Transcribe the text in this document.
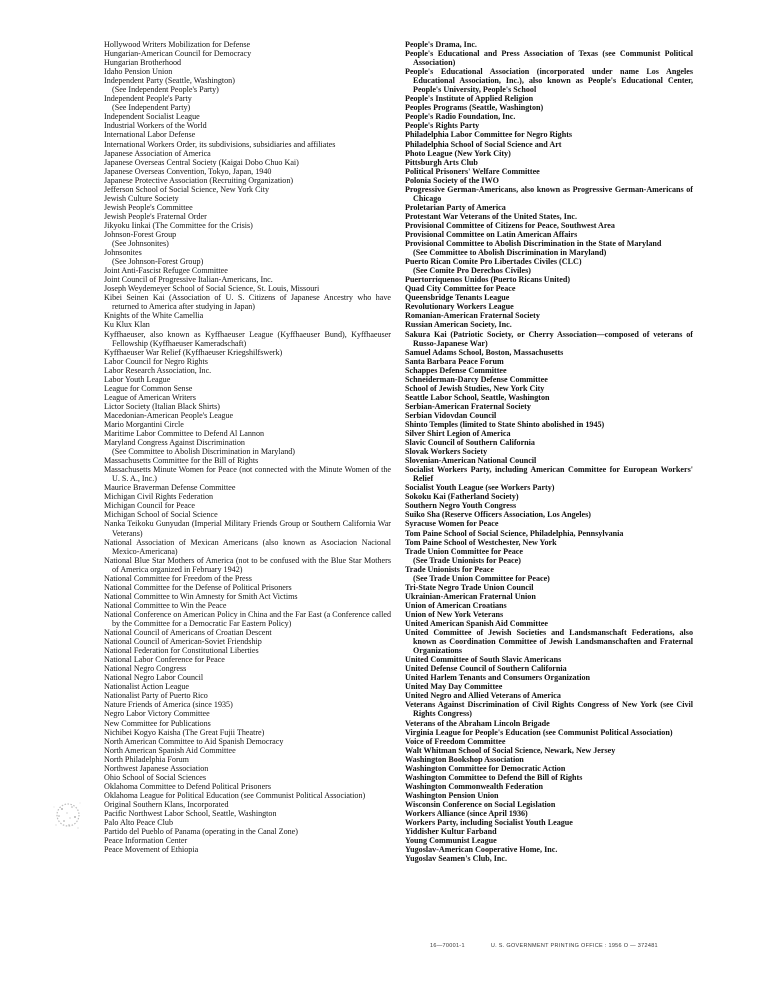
Hollywood Writers Mobilization for Defense
Hungarian-American Council for Democracy
Hungarian Brotherhood
Idaho Pension Union
Independent Party (Seattle, Washington)
(See Independent People's Party)
Independent People's Party
(See Independent Party)
Independent Socialist League
Industrial Workers of the World
International Labor Defense
International Workers Order, its subdivisions, subsidiaries and affiliates
Japanese Association of America
Japanese Overseas Central Society (Kaigai Dobo Chuo Kai)
Japanese Overseas Convention, Tokyo, Japan, 1940
Japanese Protective Association (Recruiting Organization)
Jefferson School of Social Science, New York City
Jewish Culture Society
Jewish People's Committee
Jewish People's Fraternal Order
Jikyoku Iinkai (The Committee for the Crisis)
Johnson-Forest Group
(See Johnsonites)
Johnsonites
(See Johnson-Forest Group)
Joint Anti-Fascist Refugee Committee
Joint Council of Progressive Italian-Americans, Inc.
Joseph Weydemeyer School of Social Science, St. Louis, Missouri
Kibei Seinen Kai (Association of U. S. Citizens of Japanese Ancestry who have returned to America after studying in Japan)
Knights of the White Camellia
Ku Klux Klan
Kyffhaeuser, also known as Kyffhaeuser League (Kyffhaeuser Bund), Kyffhaeuser Fellowship (Kyffhaeuser Kameradschaft)
Kyffhaeuser War Relief (Kyffhaeuser Kriegshilfswerk)
Labor Council for Negro Rights
Labor Research Association, Inc.
Labor Youth League
League for Common Sense
League of American Writers
Lictor Society (Italian Black Shirts)
Macedonian-American People's League
Mario Morgantini Circle
Maritime Labor Committee to Defend Al Lannon
Maryland Congress Against Discrimination
(See Committee to Abolish Discrimination in Maryland)
Massachusetts Committee for the Bill of Rights
Massachusetts Minute Women for Peace (not connected with the Minute Women of the U. S. A., Inc.)
Maurice Braverman Defense Committee
Michigan Civil Rights Federation
Michigan Council for Peace
Michigan School of Social Science
Nanka Teikoku Gunyudan (Imperial Military Friends Group or Southern California War Veterans)
National Association of Mexican Americans (also known as Asociacion Nacional Mexico-Americana)
National Blue Star Mothers of America (not to be confused with the Blue Star Mothers of America organized in February 1942)
National Committee for Freedom of the Press
National Committee for the Defense of Political Prisoners
National Committee to Win Amnesty for Smith Act Victims
National Committee to Win the Peace
National Conference on American Policy in China and the Far East (a Conference called by the Committee for a Democratic Far Eastern Policy)
National Council of Americans of Croatian Descent
National Council of American-Soviet Friendship
National Federation for Constitutional Liberties
National Labor Conference for Peace
National Negro Congress
National Negro Labor Council
Nationalist Action League
Nationalist Party of Puerto Rico
Nature Friends of America (since 1935)
Negro Labor Victory Committee
New Committee for Publications
Nichibei Kogyo Kaisha (The Great Fujii Theatre)
North American Committee to Aid Spanish Democracy
North American Spanish Aid Committee
North Philadelphia Forum
Northwest Japanese Association
Ohio School of Social Sciences
Oklahoma Committee to Defend Political Prisoners
Oklahoma League for Political Education (see Communist Political Association)
Original Southern Klans, Incorporated
Pacific Northwest Labor School, Seattle, Washington
Palo Alto Peace Club
Partido del Pueblo of Panama (operating in the Canal Zone)
Peace Information Center
Peace Movement of Ethiopia
People's Drama, Inc.
People's Educational and Press Association of Texas (see Communist Political Association)
People's Educational Association (incorporated under name Los Angeles Educational Association, Inc.), also known as People's Educational Center, People's University, People's School
People's Institute of Applied Religion
Peoples Programs (Seattle, Washington)
People's Radio Foundation, Inc.
People's Rights Party
Philadelphia Labor Committee for Negro Rights
Philadelphia School of Social Science and Art
Photo League (New York City)
Pittsburgh Arts Club
Political Prisoners' Welfare Committee
Polonia Society of the IWO
Progressive German-Americans, also known as Progressive German-Americans of Chicago
Proletarian Party of America
Protestant War Veterans of the United States, Inc.
Provisional Committee of Citizens for Peace, Southwest Area
Provisional Committee on Latin American Affairs
Provisional Committee to Abolish Discrimination in the State of Maryland
(See Committee to Abolish Discrimination in Maryland)
Puerto Rican Comite Pro Libertades Civiles (CLC)
(See Comite Pro Derechos Civiles)
Puertorriquenos Unidos (Puerto Ricans United)
Quad City Committee for Peace
Queensbridge Tenants League
Revolutionary Workers League
Romanian-American Fraternal Society
Russian American Society, Inc.
Sakura Kai (Patriotic Society, or Cherry Association—composed of veterans of Russo-Japanese War)
Samuel Adams School, Boston, Massachusetts
Santa Barbara Peace Forum
Schappes Defense Committee
Schneiderman-Darcy Defense Committee
School of Jewish Studies, New York City
Seattle Labor School, Seattle, Washington
Serbian-American Fraternal Society
Serbian Vidovdan Council
Shinto Temples (limited to State Shinto abolished in 1945)
Silver Shirt Legion of America
Slavic Council of Southern California
Slovak Workers Society
Slovenian-American National Council
Socialist Workers Party, including American Committee for European Workers' Relief
Socialist Youth League (see Workers Party)
Sokoku Kai (Fatherland Society)
Southern Negro Youth Congress
Suiko Sha (Reserve Officers Association, Los Angeles)
Syracuse Women for Peace
Tom Paine School of Social Science, Philadelphia, Pennsylvania
Tom Paine School of Westchester, New York
Trade Union Committee for Peace
(See Trade Unionists for Peace)
Trade Unionists for Peace
(See Trade Union Committee for Peace)
Tri-State Negro Trade Union Council
Ukrainian-American Fraternal Union
Union of American Croatians
Union of New York Veterans
United American Spanish Aid Committee
United Committee of Jewish Societies and Landsmanschaft Federations, also known as Coordination Committee of Jewish Landsmanschaften and Fraternal Organizations
United Committee of South Slavic Americans
United Defense Council of Southern California
United Harlem Tenants and Consumers Organization
United May Day Committee
United Negro and Allied Veterans of America
Veterans Against Discrimination of Civil Rights Congress of New York (see Civil Rights Congress)
Veterans of the Abraham Lincoln Brigade
Virginia League for People's Education (see Communist Political Association)
Voice of Freedom Committee
Walt Whitman School of Social Science, Newark, New Jersey
Washington Bookshop Association
Washington Committee for Democratic Action
Washington Committee to Defend the Bill of Rights
Washington Commonwealth Federation
Washington Pension Union
Wisconsin Conference on Social Legislation
Workers Alliance (since April 1936)
Workers Party, including Socialist Youth League
Yiddisher Kultur Farband
Young Communist League
Yugoslav-American Cooperative Home, Inc.
Yugoslav Seamen's Club, Inc.
16—70001-1	U. S. GOVERNMENT PRINTING OFFICE : 1956 O — 372481
